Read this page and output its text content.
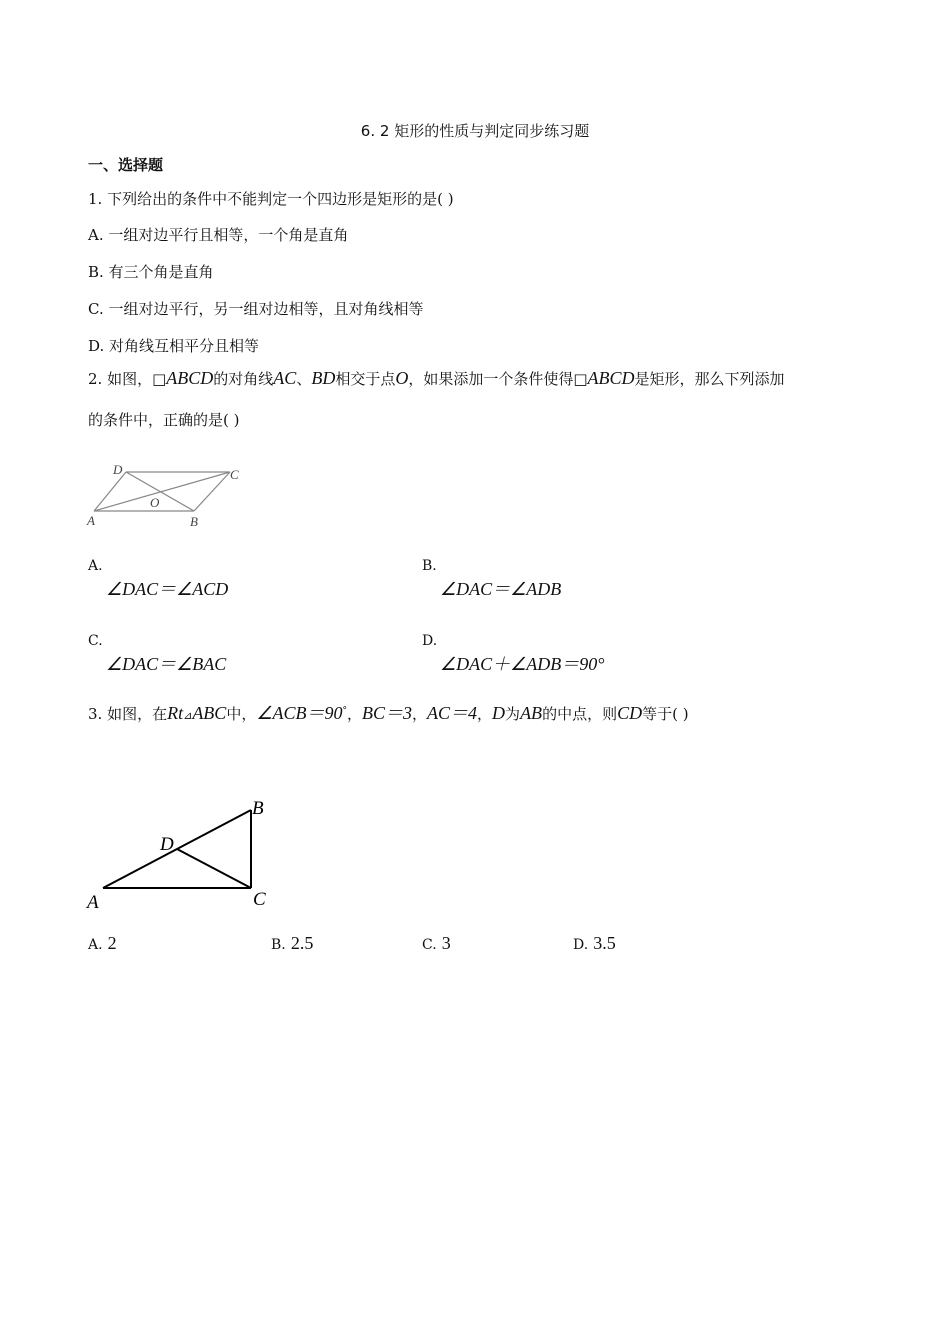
6. 2 矩形的性质与判定同步练习题
一、选择题
1. 下列给出的条件中不能判定一个四边形是矩形的是( )
A. 一组对边平行且相等，一个角是直角
B. 有三个角是直角
C. 一组对边平行，另一组对边相等，且对角线相等
D. 对角线互相平分且相等
2. 如图，□ABCD的对角线AC、BD相交于点O，如果添加一个条件使得□ABCD是矩形，那么下列添加
的条件中，正确的是( )
D	C
O
A	B
A.
∠DAC＝∠ACD
B.
∠DAC＝∠ADB
C.
∠DAC＝∠BAC
D.
∠DAC＋∠ADB＝90°
3. 如图，在Rt⊿ABC中，∠ACB＝90°，BC＝3，AC＝4，D为AB的中点，则CD等于( )
B
D
A	C
A. 2	B. 2.5	C. 3	D. 3.5
